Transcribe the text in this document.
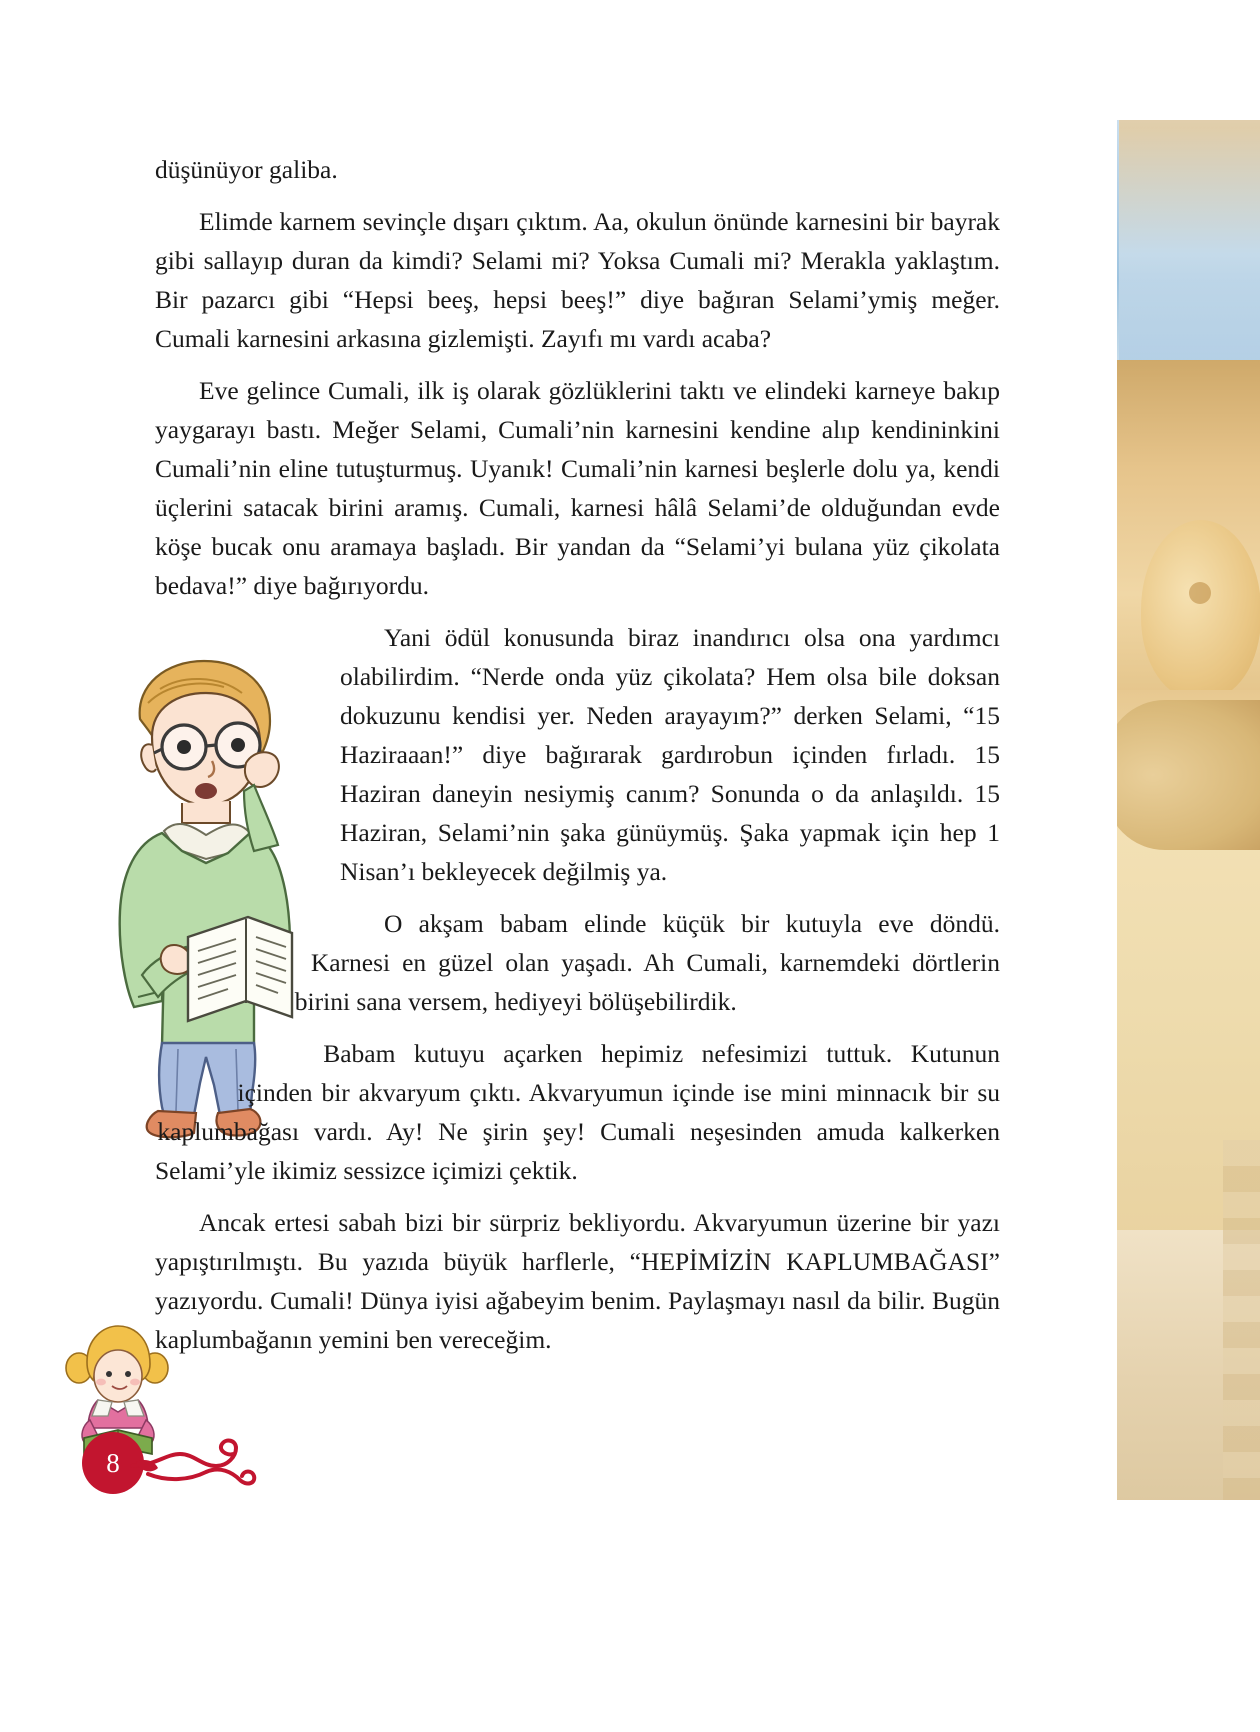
8
düşünüyor galiba.
Elimde karnem sevinçle dışarı çıktım. Aa, okulun önünde karnesini bir bayrak gibi sallayıp duran da kimdi? Selami mi? Yoksa Cumali mi? Merakla yaklaştım. Bir pazarcı gibi “Hepsi beeş, hepsi beeş!” diye bağıran Selami’ymiş meğer. Cumali karnesini arkasına gizlemişti. Zayıfı mı vardı acaba?
Eve gelince Cumali, ilk iş olarak gözlüklerini taktı ve elindeki karneye bakıp yaygarayı bastı. Meğer Selami, Cumali’nin karnesini kendine alıp kendininkini Cumali’nin eline tutuşturmuş. Uyanık! Cumali’nin karnesi beşlerle dolu ya, kendi üçlerini satacak birini aramış. Cumali, karnesi hâlâ Selami’de olduğundan evde köşe bucak onu aramaya başladı. Bir yandan da “Selami’yi bulana yüz çikolata bedava!” diye bağırıyordu.
Yani ödül konusunda biraz inandırıcı olsa ona yardımcı olabilirdim. “Nerde onda yüz çikolata? Hem olsa bile doksan dokuzunu kendisi yer. Neden arayayım?” derken Selami, “15 Haziraaan!” diye bağırarak gardırobun içinden fırladı. 15 Haziran daneyin nesiymiş canım? Sonunda o da anlaşıldı. 15 Haziran, Selami’nin şaka günüymüş. Şaka yapmak için hep 1 Nisan’ı bekleyecek değilmiş ya.
O akşam babam elinde küçük bir kutuyla eve döndü. Karnesi en güzel olan yaşadı. Ah Cumali, karnemdeki dörtlerin birini sana versem, hediyeyi bölüşebilirdik.
Babam kutuyu açarken hepimiz nefesimizi tuttuk. Kutunun içinden bir akvaryum çıktı. Akvaryumun içinde ise mini minnacık bir su kaplumbağası vardı. Ay! Ne şirin şey! Cumali neşesinden amuda kalkerken Selami’yle ikimiz sessizce içimizi çektik.
Ancak ertesi sabah bizi bir sürpriz bekliyordu. Akvaryumun üzerine bir yazı yapıştırılmıştı. Bu yazıda büyük harflerle, “HEPİMİZİN KAPLUMBAĞASI” yazıyordu. Cumali! Dünya iyisi ağabeyim benim. Paylaşmayı nasıl da bilir. Bugün kaplumbağanın yemini ben vereceğim.
